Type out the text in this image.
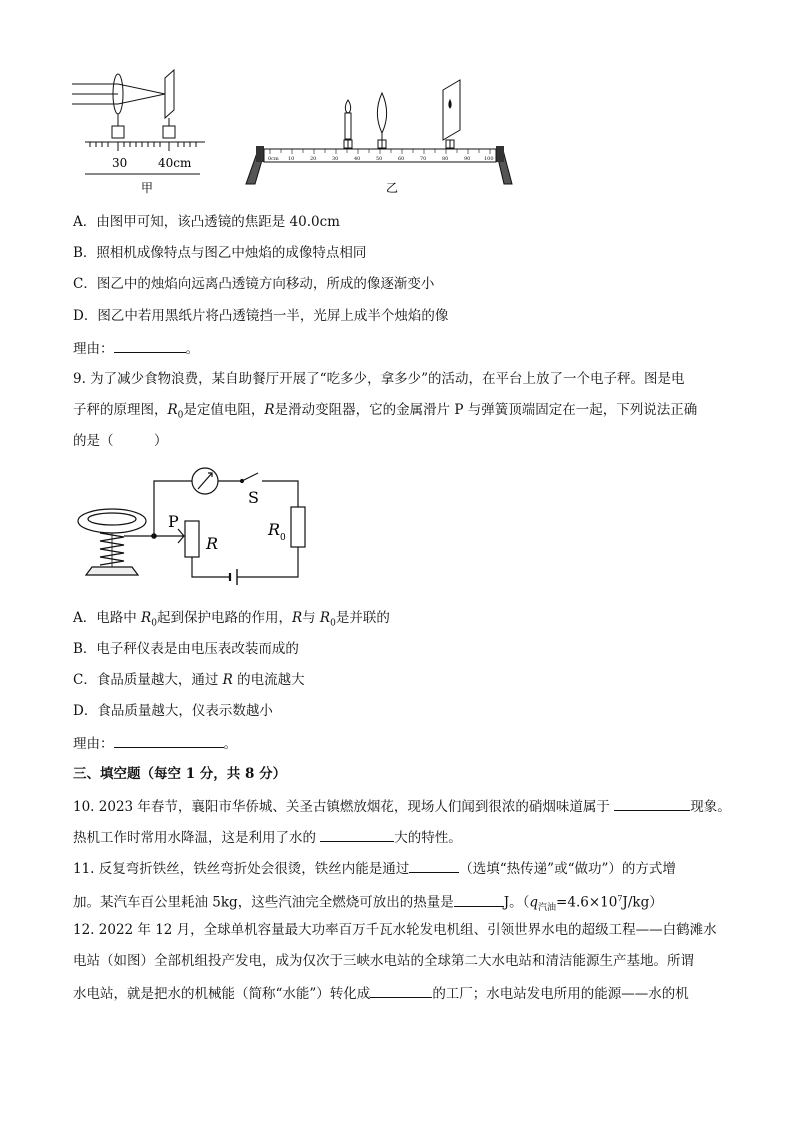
30	40cm
甲
0cm 10	20	30	40	50	60	70	80	90	100
乙
A．由图甲可知，该凸透镜的焦距是 40.0cm
B．照相机成像特点与图乙中烛焰的成像特点相同
C．图乙中的烛焰向远离凸透镜方向移动，所成的像逐渐变小
D．图乙中若用黑纸片将凸透镜挡一半，光屏上成半个烛焰的像
理由：	。
9. 为了减少食物浪费，某自助餐厅开展了“吃多少，拿多少”的活动，在平台上放了一个电子秤。图是电
子秤的原理图，$R_0$是定值电阻，R是滑动变阻器，它的金属滑片 P 与弹簧顶端固定在一起，下列说法正确
的是（　　　）
P
R
R 0
S
A．电路中 $R_0$起到保护电路的作用，R与 $R_0$是并联的
B．电子秤仪表是由电压表改装而成的
C．食品质量越大，通过 R 的电流越大
D．食品质量越大，仪表示数越小
理由：	。
三、填空题（每空 1 分，共 8 分）
10. 2023 年春节，襄阳市华侨城、关圣古镇燃放烟花，现场人们闻到很浓的硝烟味道属于	现象。
热机工作时常用水降温，这是利用了水的	大的特性。
11. 反复弯折铁丝，铁丝弯折处会很烫，铁丝内能是通过	（选填“热传递”或“做功”）的方式增
加。某汽车百公里耗油 5kg，这些汽油完全燃烧可放出的热量是	J。$(q_{汽油}=4.6\times 10^7J/kg)$
12. 2022 年 12 月，全球单机容量最大功率百万千瓦水轮发电机组、引领世界水电的超级工程——白鹤滩水
电站（如图）全部机组投产发电，成为仅次于三峡水电站的全球第二大水电站和清洁能源生产基地。所谓
水电站，就是把水的机械能（简称“水能”）转化成	的工厂；水电站发电所用的能源——水的机
